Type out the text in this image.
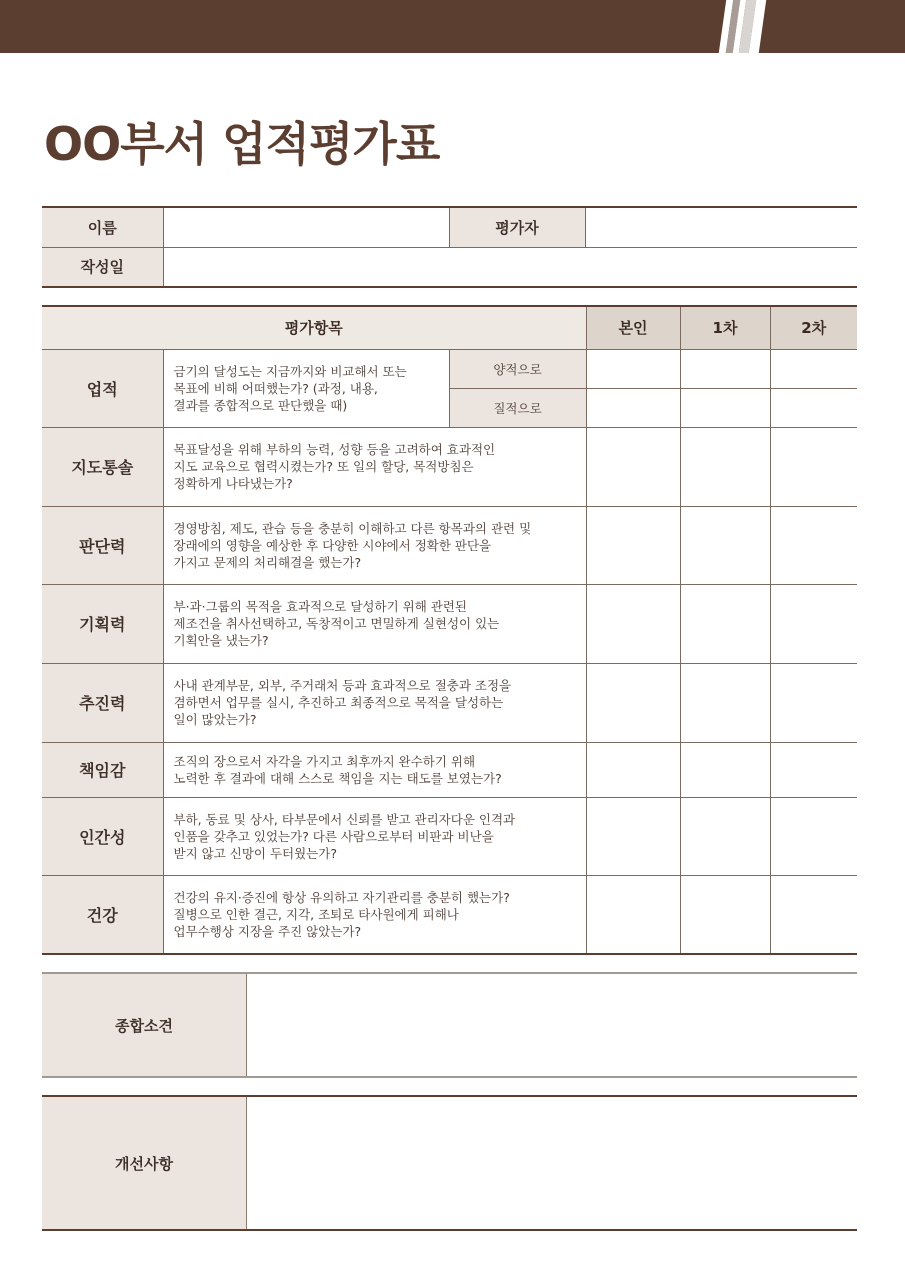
OO부서 업적평가표
이름		평가자	
작성일			
평가항목			본인	1차	2차
업적	금기의 달성도는 지금까지와 비교해서 또는
목표에 비해 어떠했는가? (과정, 내용,
결과를 종합적으로 판단했을 때)	양적으로			
		질적으로			
지도통솔	목표달성을 위해 부하의 능력, 성향 등을 고려하여 효과적인
지도 교육으로 협력시켰는가? 또 일의 할당, 목적방침은
정확하게 나타냈는가?				

판단력	경영방침, 제도, 관습 등을 충분히 이해하고 다른 항목과의 관련 및
장래에의 영향을 예상한 후 다양한 시야에서 정확한 판단을
가지고 문제의 처리해결을 했는가?				

기획력	부·과·그룹의 목적을 효과적으로 달성하기 위해 관련된
제조건을 취사선택하고, 독창적이고 면밀하게 실현성이 있는
기획안을 냈는가?				

추진력	사내 관계부문, 외부, 주거래처 등과 효과적으로 절충과 조정을
겸하면서 업무를 실시, 추진하고 최종적으로 목적을 달성하는
일이 많았는가?				

책임감	조직의 장으로서 자각을 가지고 최후까지 완수하기 위해
노력한 후 결과에 대해 스스로 책임을 지는 태도를 보였는가?				

인간성	부하, 동료 및 상사, 타부문에서 신뢰를 받고 관리자다운 인격과
인품을 갖추고 있었는가? 다른 사람으로부터 비판과 비난을
받지 않고 신망이 두터웠는가?				

건강	건강의 유지·증진에 항상 유의하고 자기관리를 충분히 했는가?
질병으로 인한 결근, 지각, 조퇴로 타사원에게 피해나
업무수행상 지장을 주진 않았는가?				

종합소견
개선사항
